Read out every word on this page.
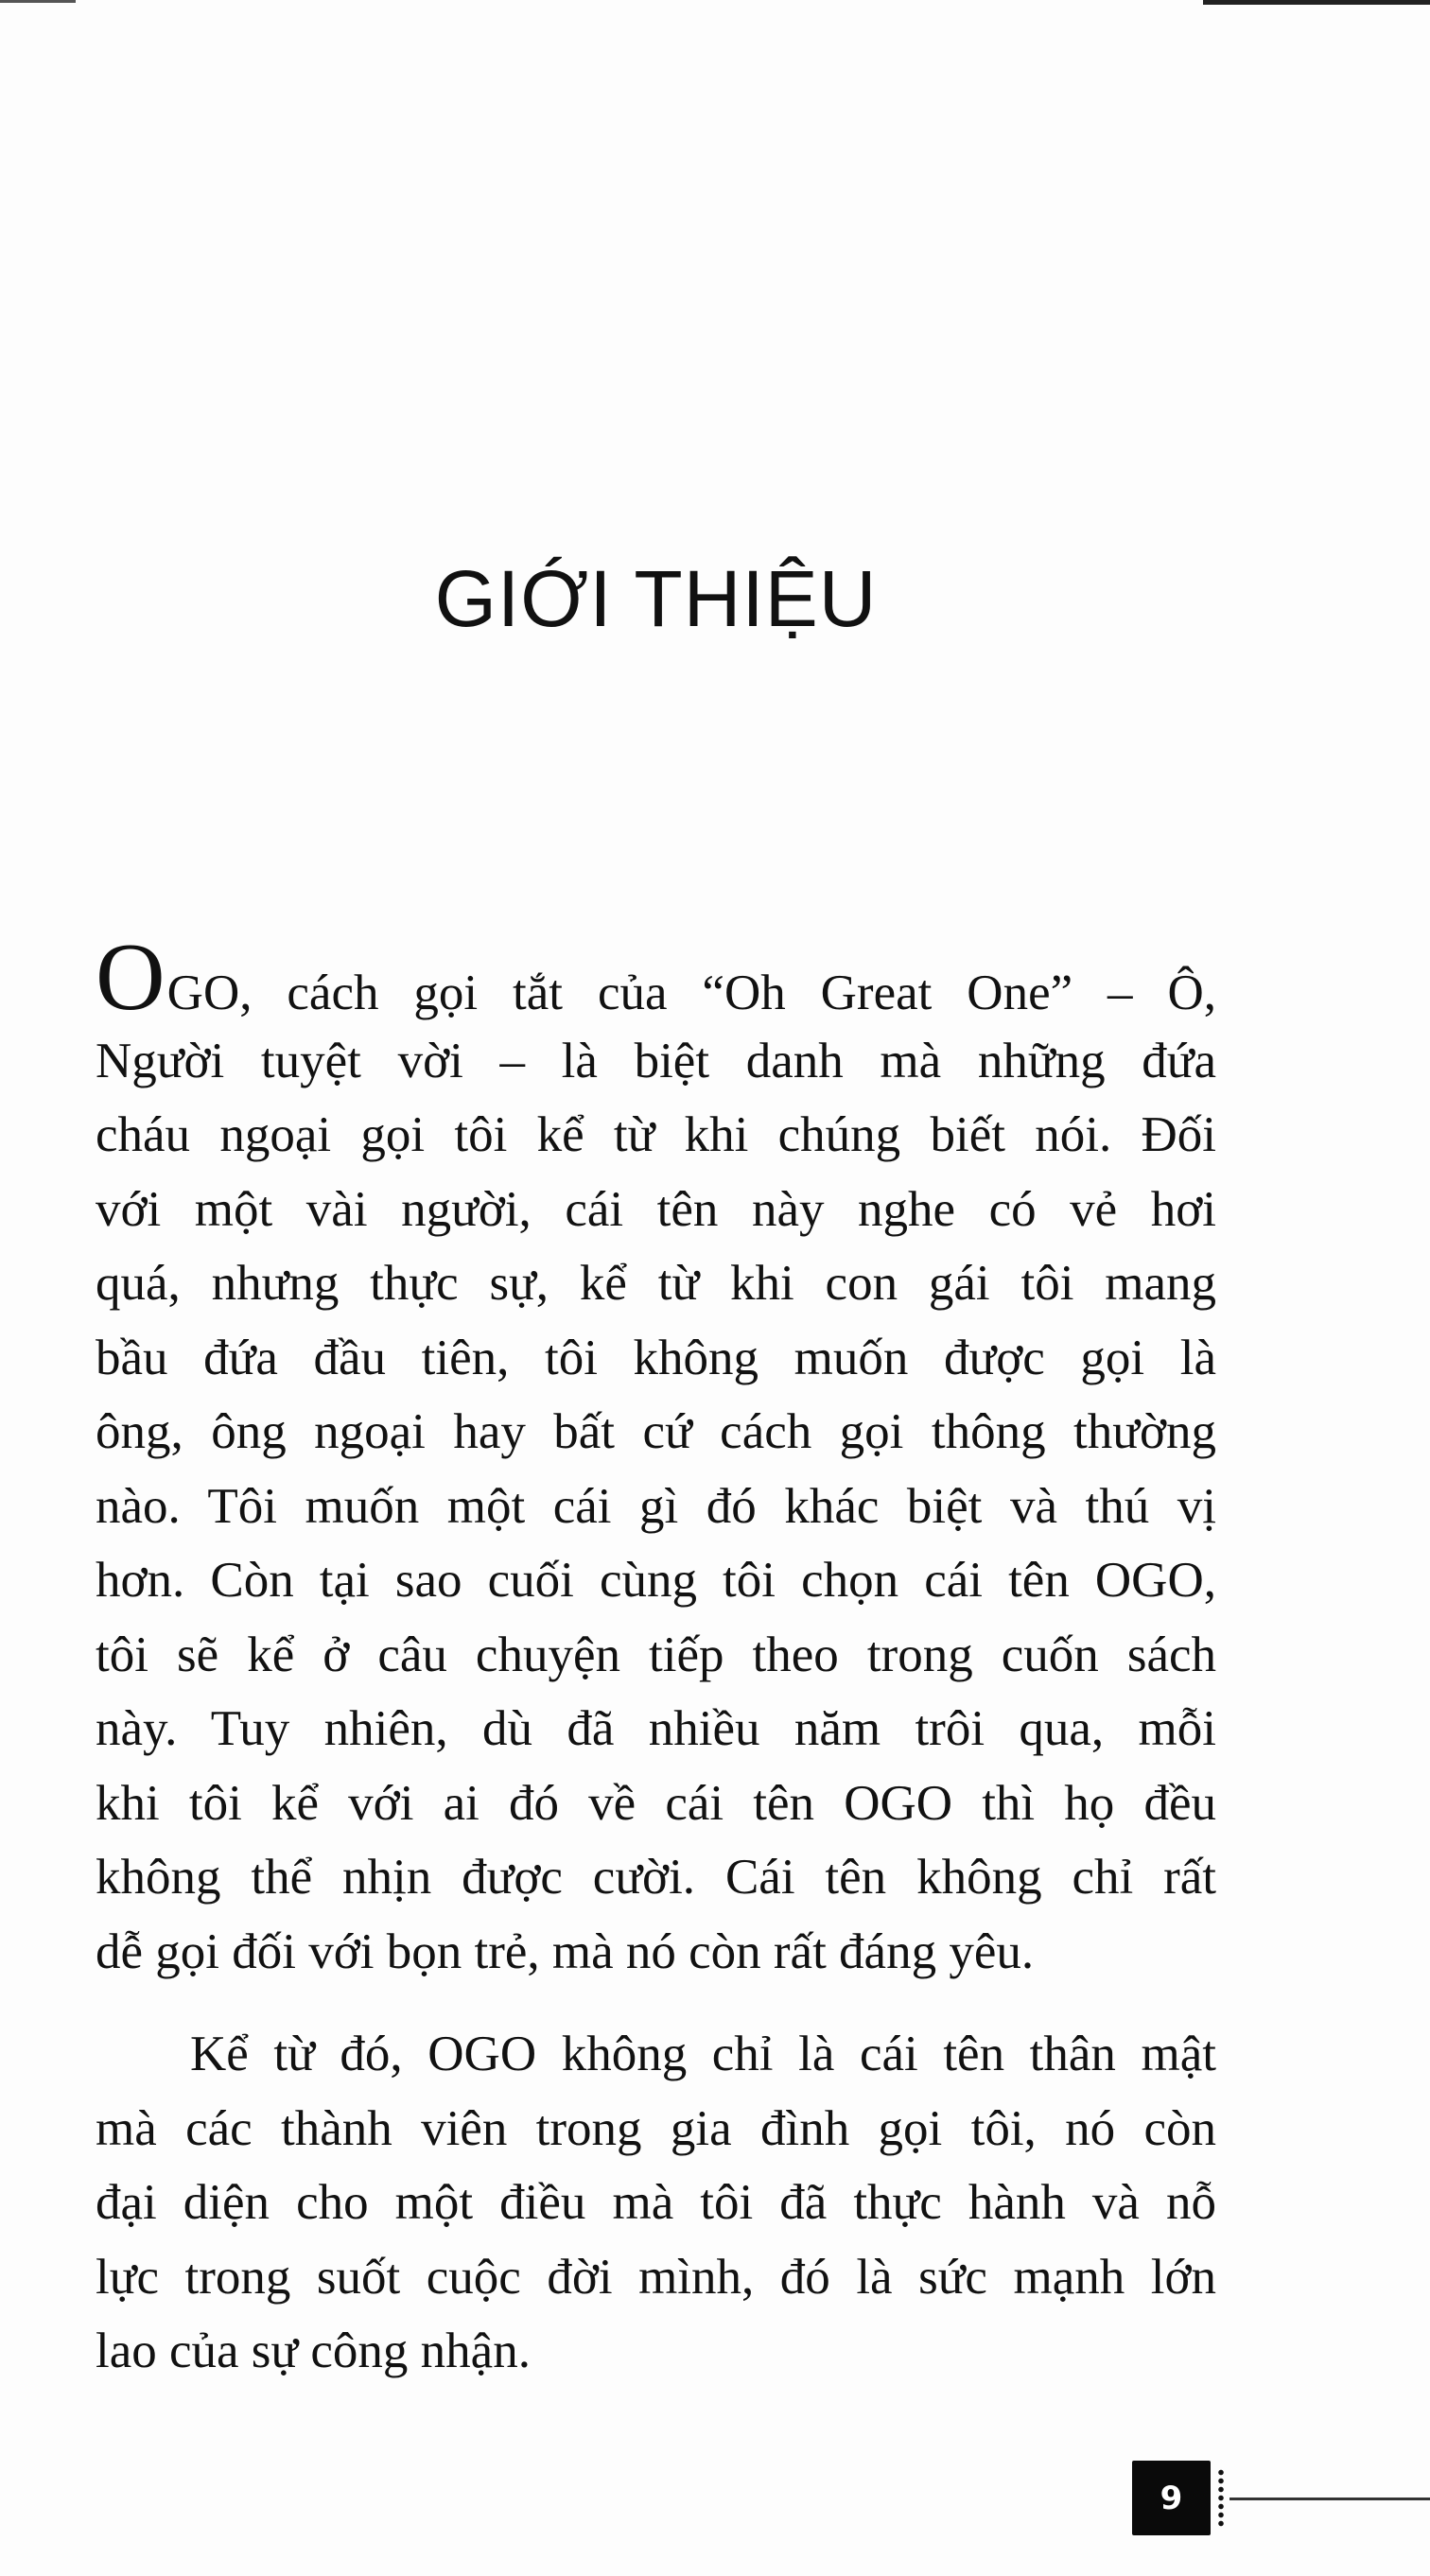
GIỚI THIỆU
OGO, cách gọi tắt của “Oh Great One” – Ô,
Người tuyệt vời – là biệt danh mà những đứa
cháu ngoại gọi tôi kể từ khi chúng biết nói. Đối
với một vài người, cái tên này nghe có vẻ hơi
quá, nhưng thực sự, kể từ khi con gái tôi mang
bầu đứa đầu tiên, tôi không muốn được gọi là
ông, ông ngoại hay bất cứ cách gọi thông thường
nào. Tôi muốn một cái gì đó khác biệt và thú vị
hơn. Còn tại sao cuối cùng tôi chọn cái tên OGO,
tôi sẽ kể ở câu chuyện tiếp theo trong cuốn sách
này. Tuy nhiên, dù đã nhiều năm trôi qua, mỗi
khi tôi kể với ai đó về cái tên OGO thì họ đều
không thể nhịn được cười. Cái tên không chỉ rất
dễ gọi đối với bọn trẻ, mà nó còn rất đáng yêu.
Kể từ đó, OGO không chỉ là cái tên thân mật
mà các thành viên trong gia đình gọi tôi, nó còn
đại diện cho một điều mà tôi đã thực hành và nỗ
lực trong suốt cuộc đời mình, đó là sức mạnh lớn
lao của sự công nhận.
9
